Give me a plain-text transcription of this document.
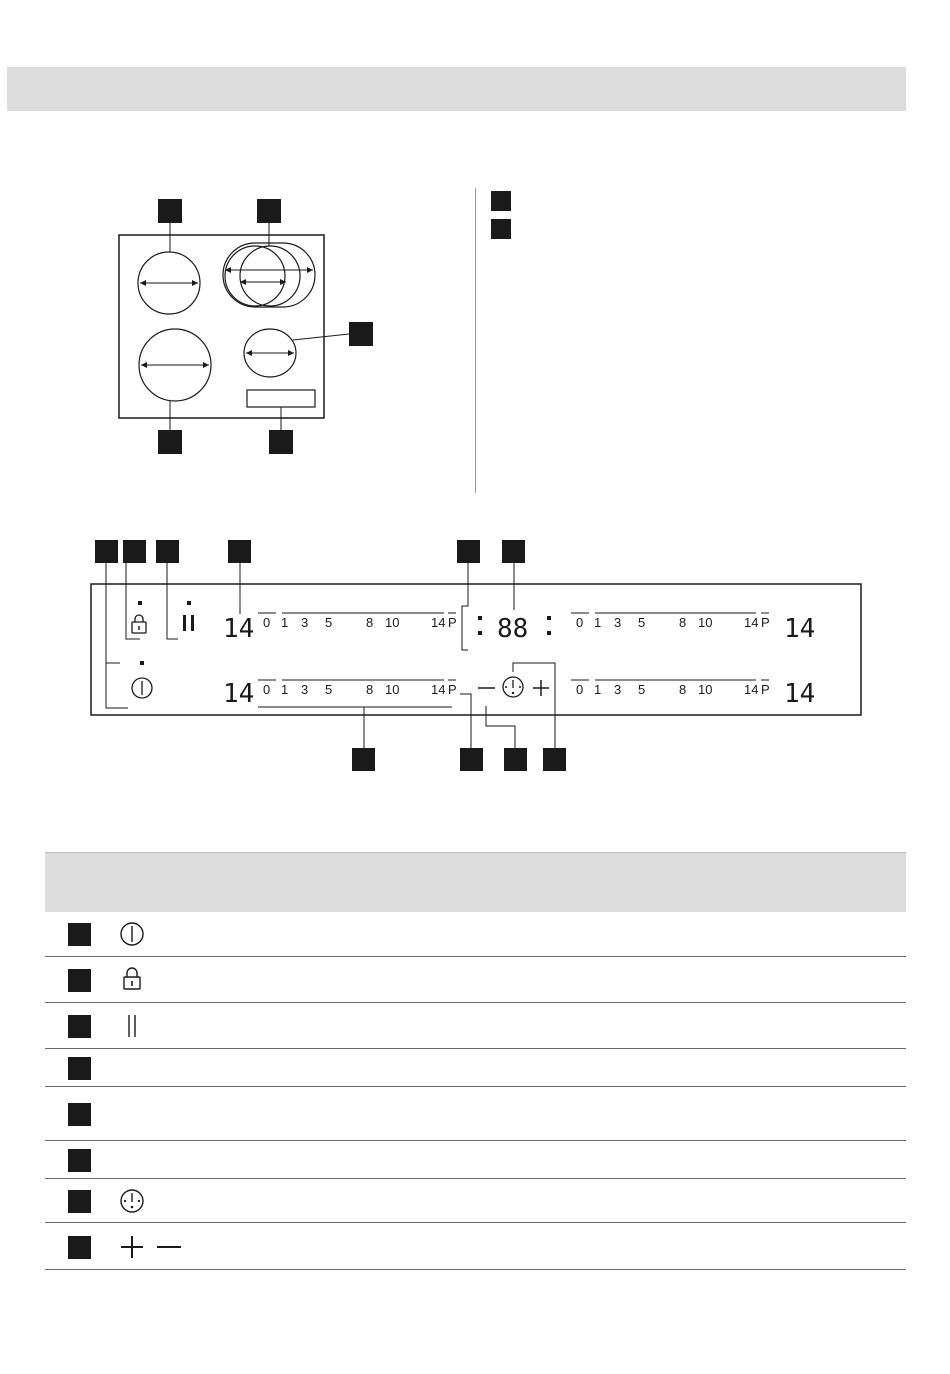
14	14
88
14	14
0 1 3 5	8 10 14 P	0 1 3 5	8 10 14 P
0 1 3 5	8 10 14 P	0 1 3 5	8 10 14 P
